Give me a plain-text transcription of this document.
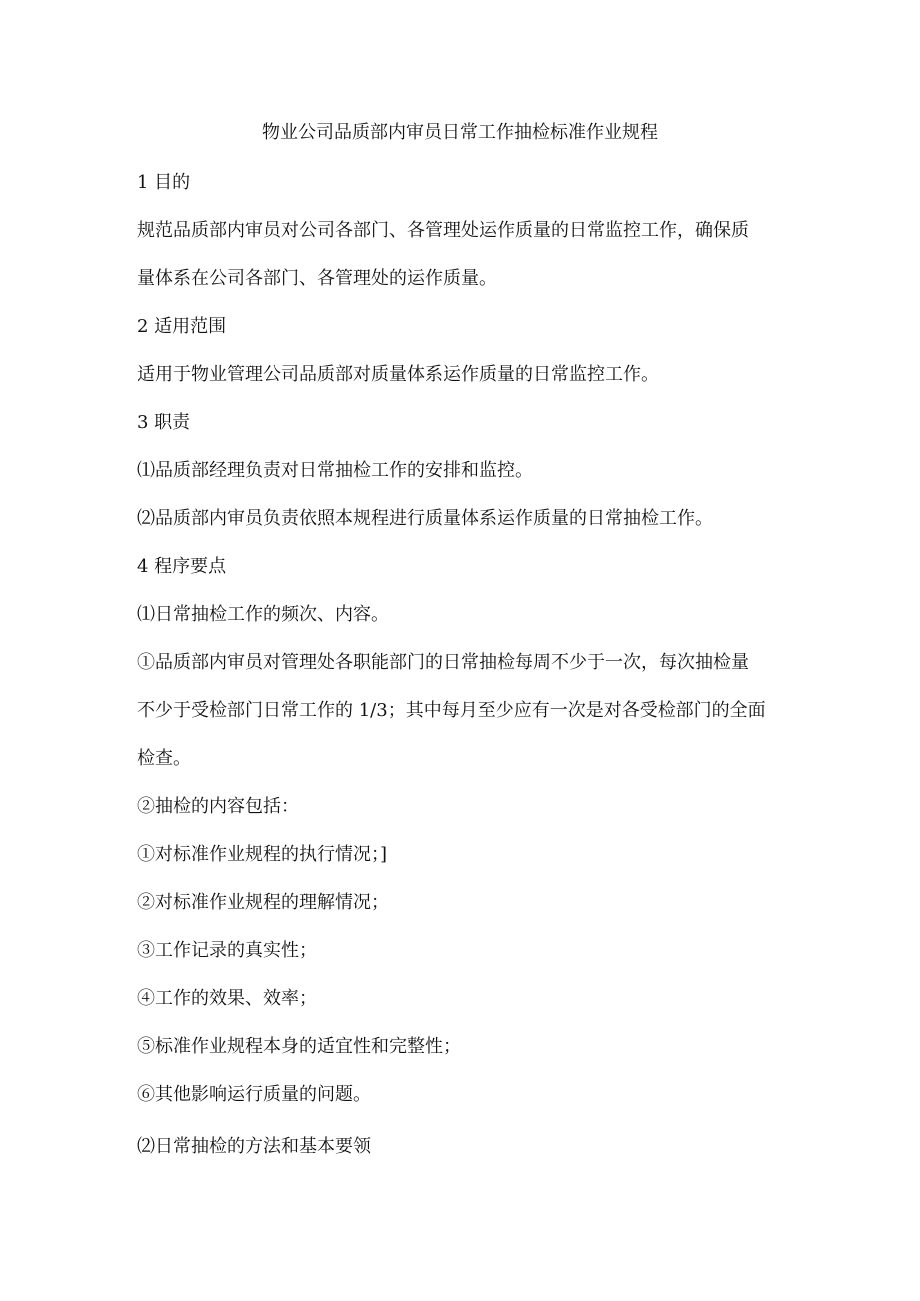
物业公司品质部内审员日常工作抽检标准作业规程
1 目的
规范品质部内审员对公司各部门、各管理处运作质量的日常监控工作，确保质
量体系在公司各部门、各管理处的运作质量。
2 适用范围
适用于物业管理公司品质部对质量体系运作质量的日常监控工作。
3 职责
⑴品质部经理负责对日常抽检工作的安排和监控。
⑵品质部内审员负责依照本规程进行质量体系运作质量的日常抽检工作。
4 程序要点
⑴日常抽检工作的频次、内容。
①品质部内审员对管理处各职能部门的日常抽检每周不少于一次，每次抽检量
不少于受检部门日常工作的 1/3；其中每月至少应有一次是对各受检部门的全面
检查。
②抽检的内容包括：
①对标准作业规程的执行情况；]
②对标准作业规程的理解情况；
③工作记录的真实性；
④工作的效果、效率；
⑤标准作业规程本身的适宜性和完整性；
⑥其他影响运行质量的问题。
⑵日常抽检的方法和基本要领
